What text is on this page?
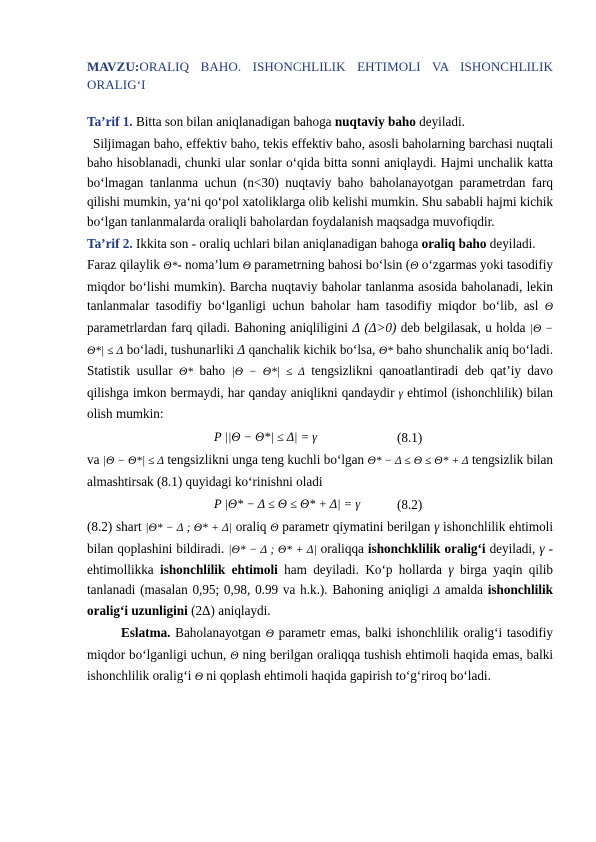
MAVZU:ORALIQ BAHO. ISHONCHLILIK EHTIMOLI VA ISHONCHLILIK ORALIG‘I

Ta’rif 1. Bitta son bilan aniqlanadigan bahoga nuqtaviy baho deyiladi.

Siljimagan baho, effektiv baho, tekis effektiv baho, asosli baholarning barchasi nuqtali baho hisoblanadi, chunki ular sonlar o‘qida bitta sonni aniqlaydi. Hajmi unchalik katta bo‘lmagan tanlanma uchun (n<30) nuqtaviy baho baholanayotgan parametrdan farq qilishi mumkin, ya‘ni qo‘pol xatoliklarga olib kelishi mumkin. Shu sababli hajmi kichik bo‘lgan tanlanmalarda oraliqli baholardan foydalanish maqsadga muvofiqdir.

Ta’rif 2. Ikkita son - oraliq uchlari bilan aniqlanadigan bahoga oraliq baho deyiladi.

Faraz qilaylik Θ*- noma’lum Θ parametrning bahosi bo‘lsin (Θ o‘zgarmas yoki tasodifiy miqdor bo‘lishi mumkin). Barcha nuqtaviy baholar tanlanma asosida baholanadi, lekin tanlanmalar tasodifiy bo‘lganligi uchun baholar ham tasodifiy miqdor bo‘lib, asl Θ parametrlardan farq qiladi. Bahoning aniqliligini Δ (Δ>0) deb belgilasak, u holda |Θ − Θ*| ≤ Δ bo‘ladi, tushunarliki Δ qanchalik kichik bo‘lsa, Θ* baho shunchalik aniq bo‘ladi. Statistik usullar Θ* baho |Θ − Θ*| ≤ Δ tengsizlikni qanoatlantiradi deb qat’iy davo qilishga imkon bermaydi, har qanday aniqlikni qandaydir γ ehtimol (ishonchlilik) bilan olish mumkin:

P ||Θ − Θ*| ≤ Δ| = γ	(8.1)

va |Θ − Θ*| ≤ Δ tengsizlikni unga teng kuchli bo‘lgan Θ* − Δ ≤ Θ ≤ Θ* + Δ tengsizlik bilan almashtirsak (8.1) quyidagi ko‘rinishni oladi

P |Θ* − Δ ≤ Θ ≤ Θ* + Δ| = γ	(8.2)

(8.2) shart |Θ* − Δ ; Θ* + Δ| oraliq Θ parametr qiymatini berilgan γ ishonchlilik ehtimoli bilan qoplashini bildiradi. |Θ* − Δ ; Θ* + Δ| oraliqqa ishonchklilik oralig‘i deyiladi, γ - ehtimollikka ishonchlilik ehtimoli ham deyiladi. Ko‘p hollarda γ birga yaqin qilib tanlanadi (masalan 0,95; 0,98, 0.99 va h.k.). Bahoning aniqligi Δ amalda ishonchlilik oralig‘i uzunligini (2Δ) aniqlaydi.

Eslatma. Baholanayotgan Θ parametr emas, balki ishonchlilik oralig‘i tasodifiy miqdor bo‘lganligi uchun, Θ ning berilgan oraliqqa tushish ehtimoli haqida emas, balki ishonchlilik oralig‘i Θ ni qoplash ehtimoli haqida gapirish to‘g‘riroq bo‘ladi.
